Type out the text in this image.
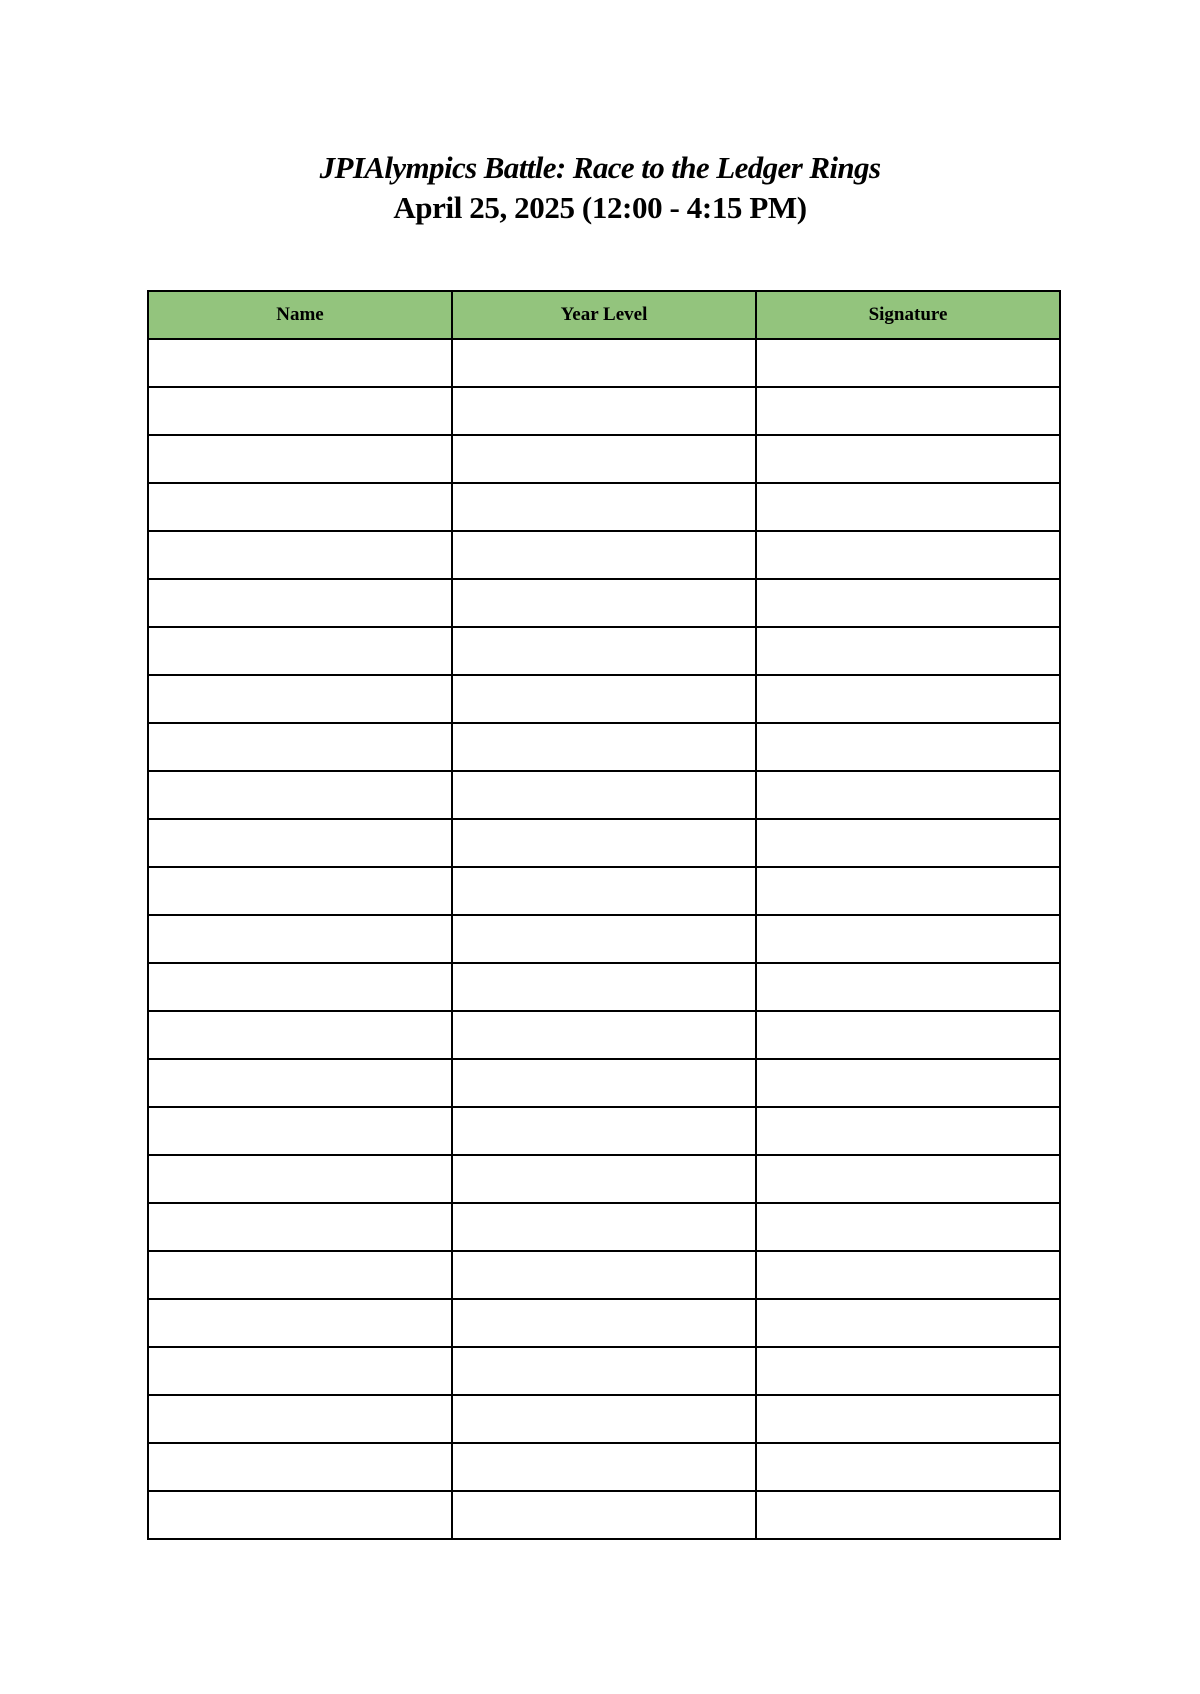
JPIAlympics Battle: Race to the Ledger Rings

April 25, 2025 (12:00 - 4:15 PM)

Name	Year Level	Signature
